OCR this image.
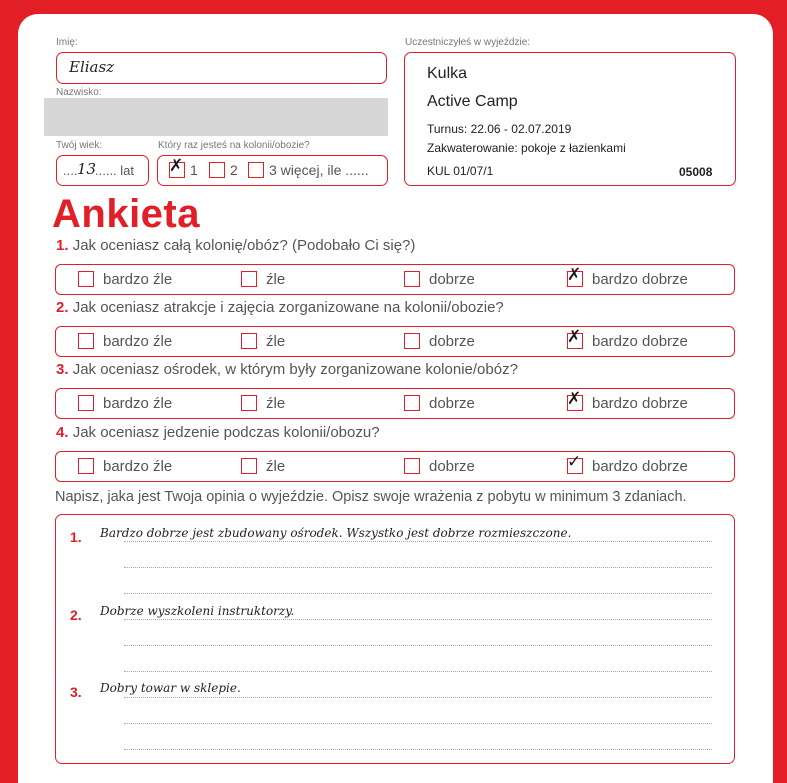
Imię:
Eliasz
Nazwisko:
Twój wiek:
.... 13
...... lat
Który raz jesteś na kolonii/obozie?
✗ 1 2 3 więcej, ile ......
Uczestniczyłeś w wyjeździe:
Kulka
Active Camp
Turnus: 22.06 - 02.07.2019
Zakwaterowanie: pokoje z łazienkami
KUL 01/07/1	05008
Ankieta
Napisz, jaka jest Twoja opinia o wyjeździe. Opisz swoje wrażenia z pobytu w minimum 3 zdaniach.
1. Bardzo dobrze jest zbudowany ośrodek. Wszystko jest dobrze rozmieszczone.
2. Dobrze wyszkoleni instruktorzy.
3. Dobry towar w sklepie.
1. Jak oceniasz całą kolonię/obóz? (Podobało Ci się?)
bardzo źle	źle	dobrze	✗ bardzo dobrze
2. Jak oceniasz atrakcje i zajęcia zorganizowane na kolonii/obozie?
bardzo źle	źle	dobrze	✗ bardzo dobrze
3. Jak oceniasz ośrodek, w którym były zorganizowane kolonie/obóz?
bardzo źle	źle	dobrze	✗ bardzo dobrze
4. Jak oceniasz jedzenie podczas kolonii/obozu?
bardzo źle	źle	dobrze	✓ bardzo dobrze
